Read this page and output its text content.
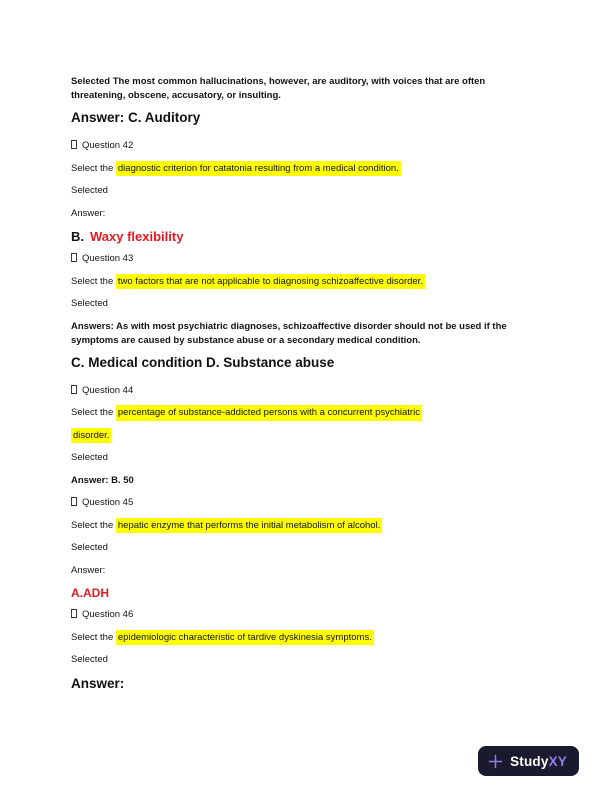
Selected The most common hallucinations, however, are auditory, with voices that are often
threatening, obscene, accusatory, or insulting.

Answer: C. Auditory

Question 42

Select the diagnostic criterion for catatonia resulting from a medical condition.

Selected

Answer:

B. Waxy flexibility

Question 43

Select the two factors that are not applicable to diagnosing schizoaffective disorder.

Selected

Answers: As with most psychiatric diagnoses, schizoaffective disorder should not be used if the
symptoms are caused by substance abuse or a secondary medical condition.

C. Medical condition D. Substance abuse

Question 44

Select the percentage of substance-addicted persons with a concurrent psychiatric

disorder.

Selected

Answer: B. 50

Question 45

Select the hepatic enzyme that performs the initial metabolism of alcohol.

Selected

Answer:

A.ADH

Question 46

Select the epidemiologic characteristic of tardive dyskinesia symptoms.

Selected

Answer:

StudyXY
